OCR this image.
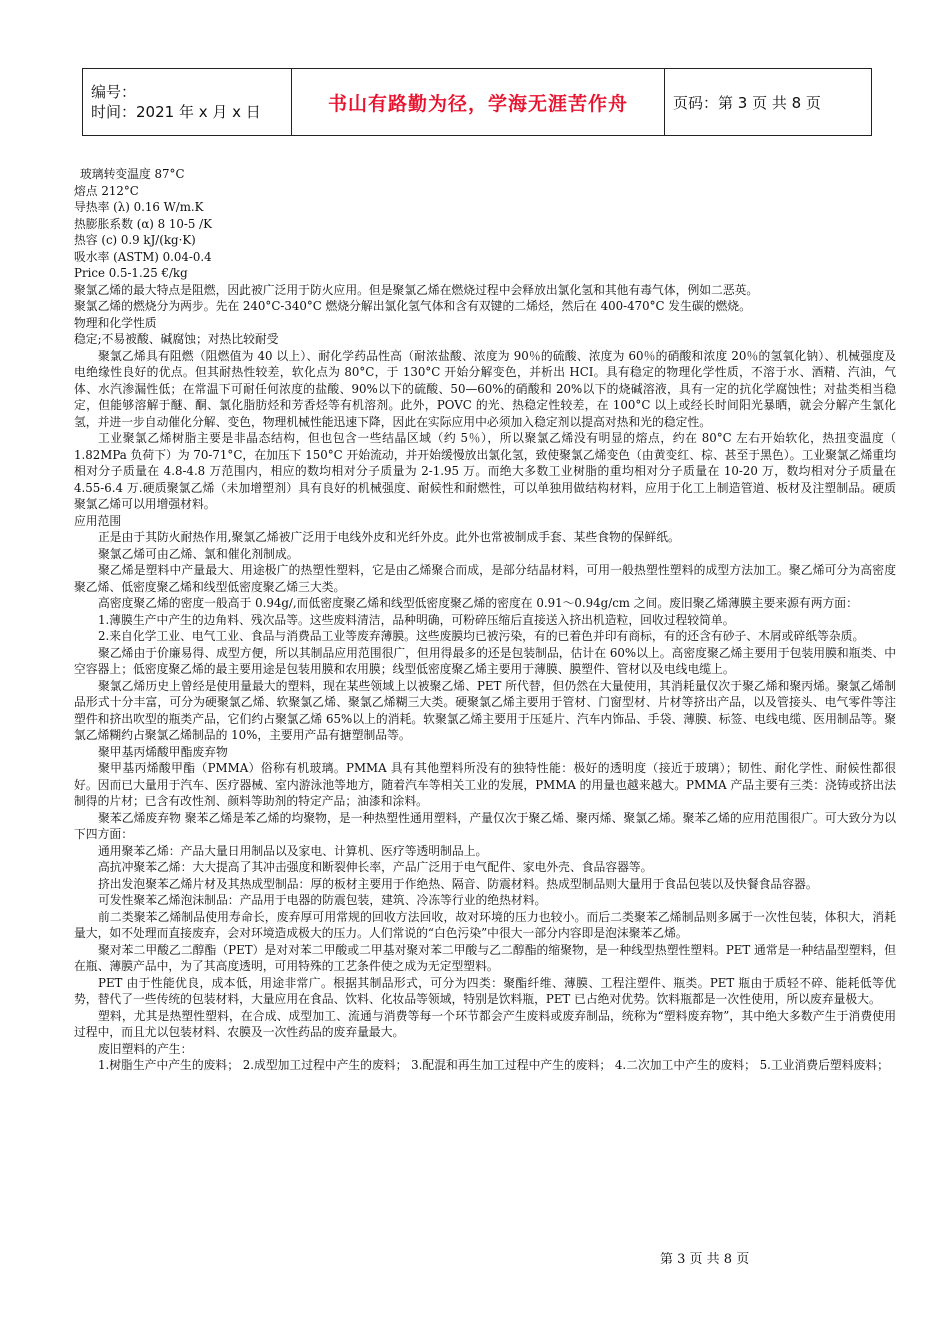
编号：
时间：2021 年 x 月 x 日	书山有路勤为径，学海无涯苦作舟	页码：第 3 页 共 8 页

玻璃转变温度 87°C

熔点 212°C

导热率 (λ) 0.16 W/m.K

热膨胀系数 (α) 8 10-5 /K

热容 (c) 0.9 kJ/(kg·K)

吸水率 (ASTM) 0.04-0.4

Price 0.5-1.25 €/kg

聚氯乙烯的最大特点是阻燃，因此被广泛用于防火应用。但是聚氯乙烯在燃烧过程中会释放出氯化氢和其他有毒气体，例如二恶英。

聚氯乙烯的燃烧分为两步。先在 240°C-340°C 燃烧分解出氯化氢气体和含有双键的二烯烃，然后在 400-470°C 发生碳的燃烧。

物理和化学性质

稳定;不易被酸、碱腐蚀；对热比较耐受

聚氯乙烯具有阻燃（阻燃值为 40 以上）、耐化学药品性高（耐浓盐酸、浓度为 90％的硫酸、浓度为 60％的硝酸和浓度 20％的氢氧化钠）、机械强度及电绝缘性良好的优点。但其耐热性较差，软化点为 80°C，于 130°C 开始分解变色，并析出 HCI。具有稳定的物理化学性质，不溶于水、酒精、汽油，气体、水汽渗漏性低；在常温下可耐任何浓度的盐酸、90%以下的硫酸、50—60%的硝酸和 20%以下的烧碱溶液，具有一定的抗化学腐蚀性；对盐类相当稳定，但能够溶解于醚、酮、氯化脂肪烃和芳香烃等有机溶剂。此外，POVC 的光、热稳定性较差，在 100°C 以上或经长时间阳光暴晒，就会分解产生氯化氢，并进一步自动催化分解、变色，物理机械性能迅速下降，因此在实际应用中必须加入稳定剂以提高对热和光的稳定性。

工业聚氯乙烯树脂主要是非晶态结构，但也包含一些结晶区域（约 5％），所以聚氯乙烯没有明显的熔点，约在 80°C 左右开始软化，热扭变温度（ 1.82MPa 负荷下）为 70-71°C，在加压下 150°C 开始流动，并开始缓慢放出氯化氢，致使聚氯乙烯变色（由黄变红、棕、甚至于黑色）。工业聚氯乙烯重均相对分子质量在 4.8-4.8 万范围内，相应的数均相对分子质量为 2-1.95 万。而绝大多数工业树脂的重均相对分子质量在 10-20 万，数均相对分子质量在 4.55-6.4 万.硬质聚氯乙烯（未加增塑剂）具有良好的机械强度、耐候性和耐燃性，可以单独用做结构材料，应用于化工上制造管道、板材及注塑制品。硬质聚氯乙烯可以用增强材料。

应用范围

正是由于其防火耐热作用,聚氯乙烯被广泛用于电线外皮和光纤外皮。此外也常被制成手套、某些食物的保鲜纸。

聚氯乙烯可由乙烯、氯和催化剂制成。

聚乙烯是塑料中产量最大、用途极广的热塑性塑料，它是由乙烯聚合而成，是部分结晶材料，可用一般热塑性塑料的成型方法加工。聚乙烯可分为高密度聚乙烯、低密度聚乙烯和线型低密度聚乙烯三大类。

高密度聚乙烯的密度一般高于 0.94g/,而低密度聚乙烯和线型低密度聚乙烯的密度在 0.91～0.94g/cm 之间。废旧聚乙烯薄膜主要来源有两方面：

1.薄膜生产中产生的边角料、残次品等。这些废料清洁，品种明确，可粉碎压缩后直接送入挤出机造粒，回收过程较简单。

2.来自化学工业、电气工业、食品与消费品工业等废弃薄膜。这些废膜均已被污染，有的已着色并印有商标，有的还含有砂子、木屑或碎纸等杂质。

聚乙烯由于价廉易得、成型方便，所以其制品应用范围很广，但用得最多的还是包装制品，估计在 60%以上。高密度聚乙烯主要用于包装用膜和瓶类、中空容器上；低密度聚乙烯的最主要用途是包装用膜和农用膜；线型低密度聚乙烯主要用于薄膜、膜塑件、管材以及电线电缆上。

聚氯乙烯历史上曾经是使用量最大的塑料，现在某些领域上以被聚乙烯、PET 所代替，但仍然在大量使用，其消耗量仅次于聚乙烯和聚丙烯。聚氯乙烯制品形式十分丰富，可分为硬聚氯乙烯、软聚氯乙烯、聚氯乙烯糊三大类。硬聚氯乙烯主要用于管材、门窗型材、片材等挤出产品，以及管接头、电气零件等注塑件和挤出吹型的瓶类产品，它们约占聚氯乙烯 65%以上的消耗。软聚氯乙烯主要用于压延片、汽车内饰品、手袋、薄膜、标签、电线电缆、医用制品等。聚氯乙烯糊约占聚氯乙烯制品的 10%，主要用产品有搪塑制品等。

聚甲基丙烯酸甲酯废弃物

聚甲基丙烯酸甲酯（PMMA）俗称有机玻璃。PMMA 具有其他塑料所没有的独特性能：极好的透明度（接近于玻璃）；韧性、耐化学性、耐候性都很好。因而已大量用于汽车、医疗器械、室内游泳池等地方，随着汽车等相关工业的发展，PMMA 的用量也越来越大。PMMA 产品主要有三类：浇铸或挤出法制得的片材；已含有改性剂、颜料等助剂的特定产品；油漆和涂料。

聚苯乙烯废弃物 聚苯乙烯是苯乙烯的均聚物，是一种热塑性通用塑料，产量仅次于聚乙烯、聚丙烯、聚氯乙烯。聚苯乙烯的应用范围很广。可大致分为以下四方面：

通用聚苯乙烯：产品大量日用制品以及家电、计算机、医疗等透明制品上。

高抗冲聚苯乙烯：大大提高了其冲击强度和断裂伸长率，产品广泛用于电气配件、家电外壳、食品容器等。

挤出发泡聚苯乙烯片材及其热成型制品：厚的板材主要用于作绝热、隔音、防震材料。热成型制品则大量用于食品包装以及快餐食品容器。

可发性聚苯乙烯泡沫制品：产品用于电器的防震包装，建筑、冷冻等行业的绝热材料。

前二类聚苯乙烯制品使用寿命长，废弃厚可用常规的回收方法回收，故对环境的压力也较小。而后二类聚苯乙烯制品则多属于一次性包装，体积大，消耗量大，如不处理而直接废弃，会对环境造成极大的压力。人们常说的“白色污染”中很大一部分内容即是泡沫聚苯乙烯。

聚对苯二甲酸乙二醇酯（PET）是对对苯二甲酸或二甲基对聚对苯二甲酸与乙二醇酯的缩聚物，是一种线型热塑性塑料。PET 通常是一种结晶型塑料，但在瓶、薄膜产品中，为了其高度透明，可用特殊的工艺条件使之成为无定型塑料。

PET 由于性能优良，成本低，用途非常广。根据其制品形式，可分为四类：聚酯纤维、薄膜、工程注塑件、瓶类。PET 瓶由于质轻不碎、能耗低等优势，替代了一些传统的包装材料，大量应用在食品、饮料、化妆品等领域，特别是饮料瓶，PET 已占绝对优势。饮料瓶都是一次性使用，所以废弃量极大。

塑料，尤其是热塑性塑料，在合成、成型加工、流通与消费等每一个环节都会产生废料或废弃制品，统称为“塑料废弃物”，其中绝大多数产生于消费使用过程中，而且尤以包装材料、农膜及一次性药品的废弃量最大。

废旧塑料的产生：

1.树脂生产中产生的废料； 2.成型加工过程中产生的废料； 3.配混和再生加工过程中产生的废料； 4.二次加工中产生的废料； 5.工业消费后塑料废料；

第 3 页 共 8 页
